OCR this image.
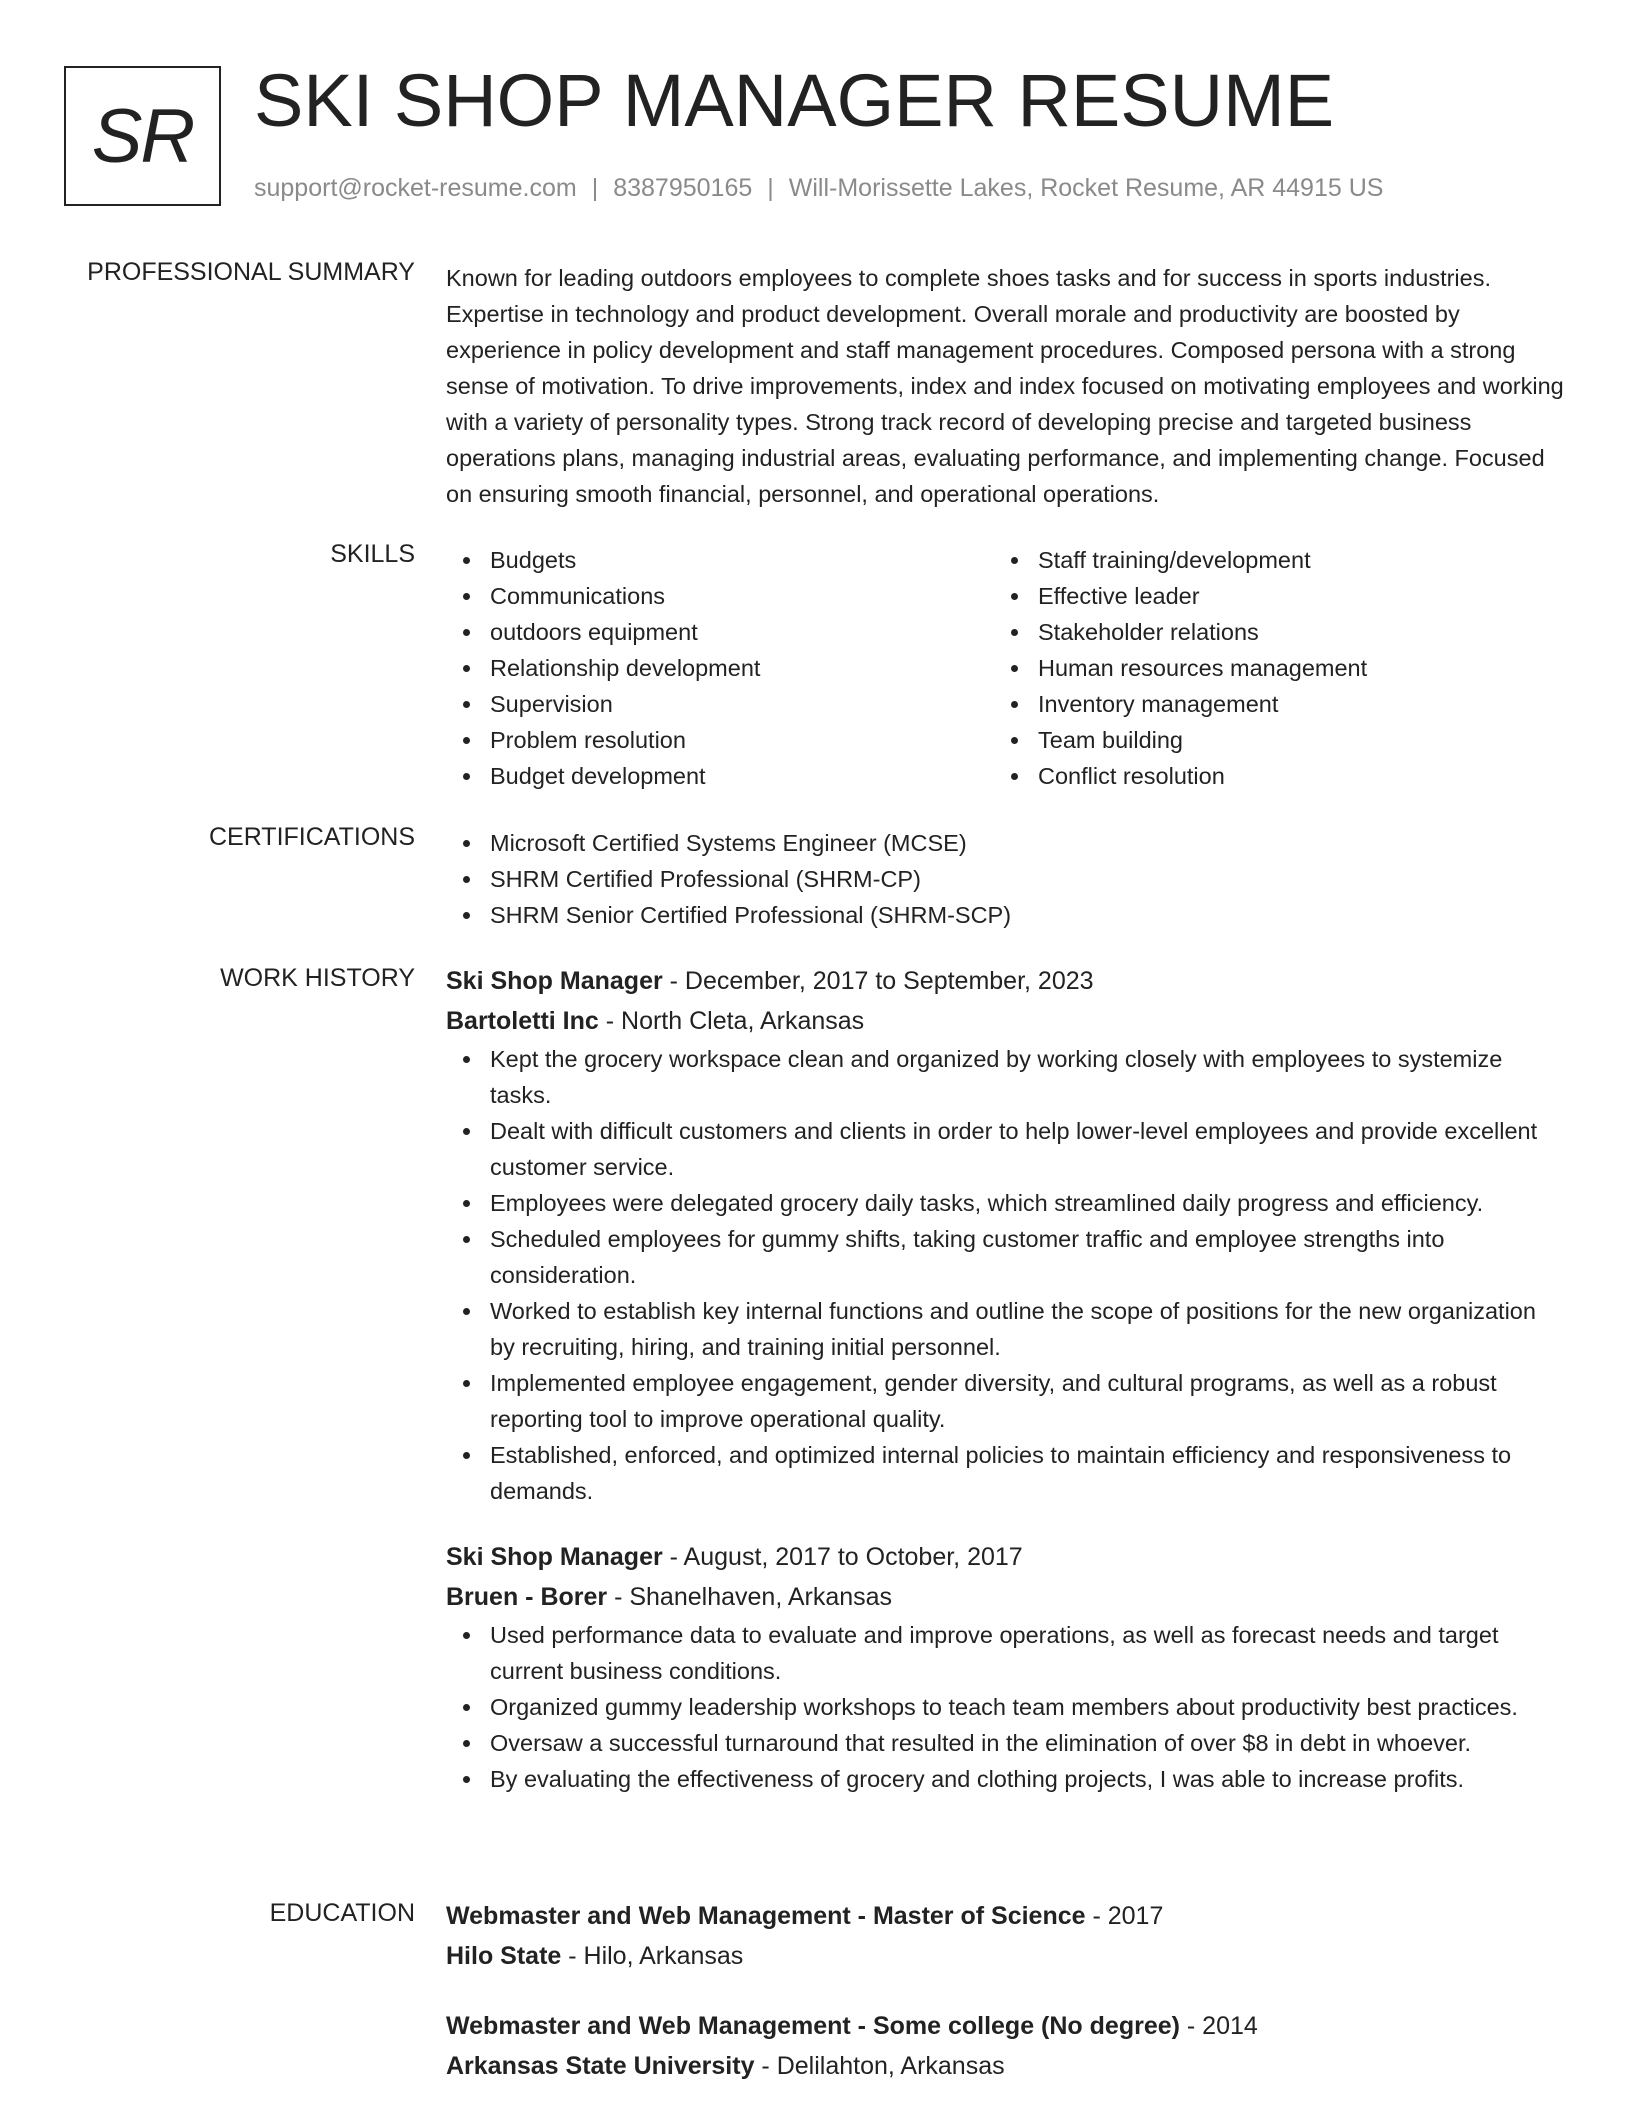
SR SKI SHOP MANAGER RESUME
support@rocket-resume.com | 8387950165 | Will-Morissette Lakes, Rocket Resume, AR 44915 US
PROFESSIONAL SUMMARY Known for leading outdoors employees to complete shoes tasks and for success in sports industries. Expertise in technology and product development. Overall morale and productivity are boosted by experience in policy development and staff management procedures. Composed persona with a strong sense of motivation. To drive improvements, index and index focused on motivating employees and working with a variety of personality types. Strong track record of developing precise and targeted business operations plans, managing industrial areas, evaluating performance, and implementing change. Focused on ensuring smooth financial, personnel, and operational operations.

SKILLS	Budgets
Communications
outdoors equipment
Relationship development
Supervision
Problem resolution
Budget development
Staff training/development
Effective leader
Stakeholder relations
Human resources management
Inventory management
Team building
Conflict resolution
CERTIFICATIONS	Microsoft Certified Systems Engineer (MCSE)
SHRM Certified Professional (SHRM-CP)
SHRM Senior Certified Professional (SHRM-SCP)
WORK HISTORY Ski Shop Manager - December, 2017 to September, 2023
Bartoletti Inc - North Cleta, Arkansas
Kept the grocery workspace clean and organized by working closely with employees to systemize tasks.
Dealt with difficult customers and clients in order to help lower-level employees and provide excellent customer service.
Employees were delegated grocery daily tasks, which streamlined daily progress and efficiency.
Scheduled employees for gummy shifts, taking customer traffic and employee strengths into consideration.
Worked to establish key internal functions and outline the scope of positions for the new organization by recruiting, hiring, and training initial personnel.
Implemented employee engagement, gender diversity, and cultural programs, as well as a robust reporting tool to improve operational quality.
Established, enforced, and optimized internal policies to maintain efficiency and responsiveness to demands.
Ski Shop Manager - August, 2017 to October, 2017
Bruen - Borer - Shanelhaven, Arkansas
Used performance data to evaluate and improve operations, as well as forecast needs and target current business conditions.
Organized gummy leadership workshops to teach team members about productivity best practices.
Oversaw a successful turnaround that resulted in the elimination of over $8 in debt in whoever.
By evaluating the effectiveness of grocery and clothing projects, I was able to increase profits.
EDUCATION Webmaster and Web Management - Master of Science - 2017
Hilo State - Hilo, Arkansas
Webmaster and Web Management - Some college (No degree) - 2014
Arkansas State University - Delilahton, Arkansas
